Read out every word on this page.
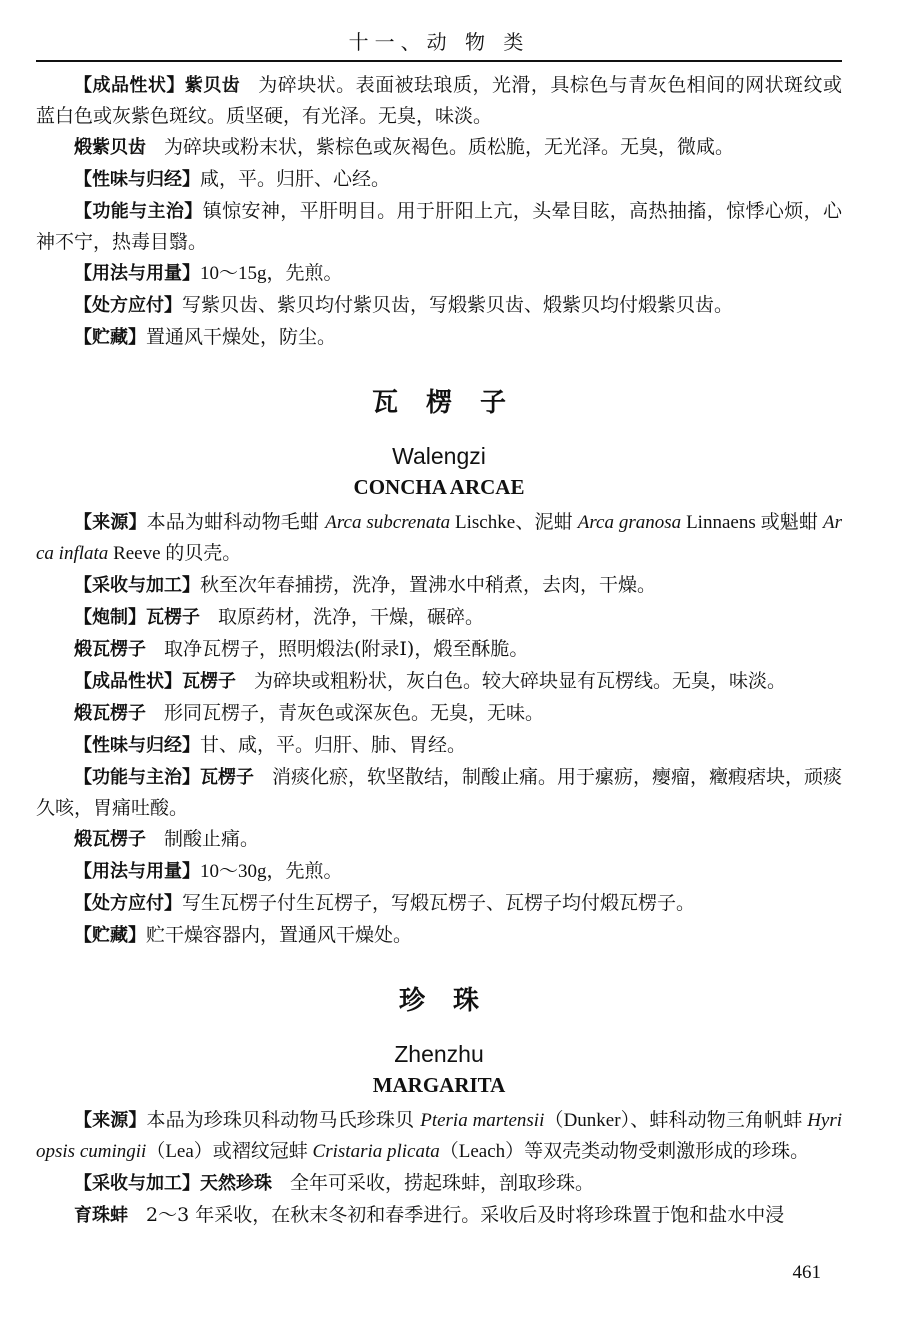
十一、动 物 类

【成品性状】紫贝齿 为碎块状。表面被珐琅质，光滑，具棕色与青灰色相间的网状斑纹或蓝白色或灰紫色斑纹。质坚硬，有光泽。无臭，味淡。

煅紫贝齿 为碎块或粉末状，紫棕色或灰褐色。质松脆，无光泽。无臭，微咸。

【性味与归经】咸，平。归肝、心经。

【功能与主治】镇惊安神，平肝明目。用于肝阳上亢，头晕目眩，高热抽搐，惊悸心烦，心神不宁，热毒目翳。

【用法与用量】10～15g，先煎。

【处方应付】写紫贝齿、紫贝均付紫贝齿，写煅紫贝齿、煅紫贝均付煅紫贝齿。

【贮藏】置通风干燥处，防尘。

瓦楞子
Walengzi
CONCHA ARCAE

【来源】本品为蚶科动物毛蚶 Arca subcrenata Lischke、泥蚶 Arca granosa Linnaens 或魁蚶 Arca inflata Reeve 的贝壳。

【采收与加工】秋至次年春捕捞，洗净，置沸水中稍煮，去肉，干燥。

【炮制】瓦楞子 取原药材，洗净，干燥，碾碎。

煅瓦楞子 取净瓦楞子，照明煅法(附录Ⅰ)，煅至酥脆。

【成品性状】瓦楞子 为碎块或粗粉状，灰白色。较大碎块显有瓦楞线。无臭，味淡。

煅瓦楞子 形同瓦楞子，青灰色或深灰色。无臭，无味。

【性味与归经】甘、咸，平。归肝、肺、胃经。

【功能与主治】瓦楞子 消痰化瘀，软坚散结，制酸止痛。用于瘰疬，瘿瘤，癥瘕痞块，顽痰久咳，胃痛吐酸。

煅瓦楞子 制酸止痛。

【用法与用量】10～30g，先煎。

【处方应付】写生瓦楞子付生瓦楞子，写煅瓦楞子、瓦楞子均付煅瓦楞子。

【贮藏】贮干燥容器内，置通风干燥处。

珍珠
Zhenzhu
MARGARITA

【来源】本品为珍珠贝科动物马氏珍珠贝 Pteria martensii（Dunker）、蚌科动物三角帆蚌 Hyriopsis cumingii（Lea）或褶纹冠蚌 Cristaria plicata（Leach）等双壳类动物受刺激形成的珍珠。

【采收与加工】天然珍珠 全年可采收，捞起珠蚌，剖取珍珠。

育珠蚌 2～3 年采收，在秋末冬初和春季进行。采收后及时将珍珠置于饱和盐水中浸

461
